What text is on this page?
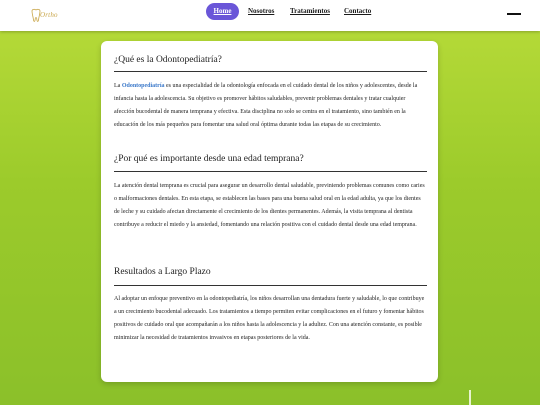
Ortho	Home	Nosotros Tratamientos Contacto
¿Qué es la Odontopediatría?

La Odontopediatría es una especialidad de la odontología enfocada en el cuidado dental de los niños y adolescentes, desde la infancia hasta la adolescencia. Su objetivo es promover hábitos saludables, prevenir problemas dentales y tratar cualquier afección bucodental de manera temprana y efectiva. Esta disciplina no solo se centra en el tratamiento, sino también en la educación de los más pequeños para fomentar una salud oral óptima durante todas las etapas de su crecimiento.

¿Por qué es importante desde una edad temprana?

La atención dental temprana es crucial para asegurar un desarrollo dental saludable, previniendo problemas comunes como caries o malformaciones dentales. En esta etapa, se establecen las bases para una buena salud oral en la edad adulta, ya que los dientes de leche y su cuidado afectan directamente el crecimiento de los dientes permanentes. Además, la visita temprana al dentista contribuye a reducir el miedo y la ansiedad, fomentando una relación positiva con el cuidado dental desde una edad temprana.

Resultados a Largo Plazo

Al adoptar un enfoque preventivo en la odontopediatría, los niños desarrollan una dentadura fuerte y saludable, lo que contribuye a un crecimiento bucodental adecuado. Los tratamientos a tiempo permiten evitar complicaciones en el futuro y fomentar hábitos positivos de cuidado oral que acompañarán a los niños hasta la adolescencia y la adultez. Con una atención constante, es posible minimizar la necesidad de tratamientos invasivos en etapas posteriores de la vida.
